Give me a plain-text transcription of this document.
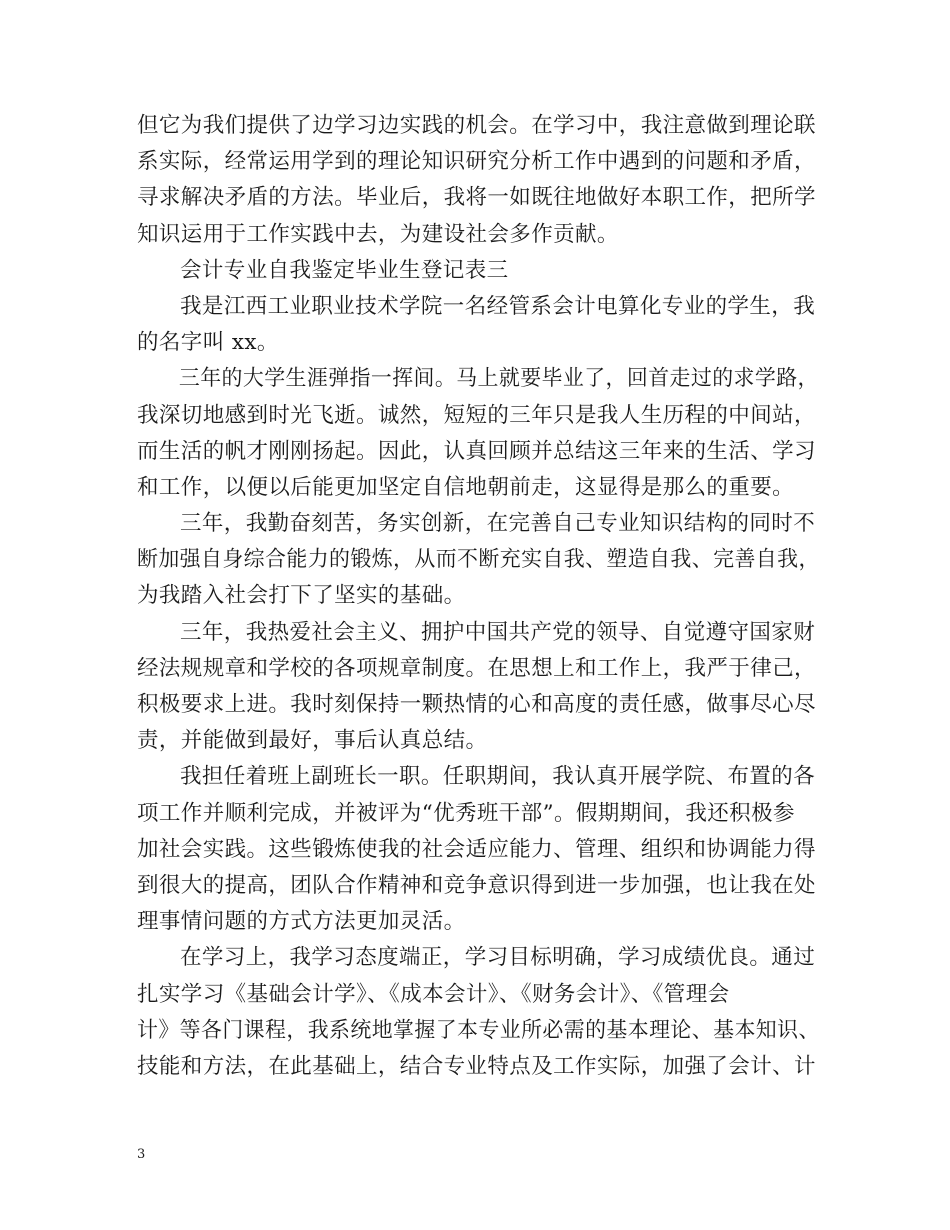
但它为我们提供了边学习边实践的机会。在学习中，我注意做到理论联
系实际，经常运用学到的理论知识研究分析工作中遇到的问题和矛盾，
寻求解决矛盾的方法。毕业后，我将一如既往地做好本职工作，把所学
知识运用于工作实践中去，为建设社会多作贡献。
会计专业自我鉴定毕业生登记表三
我是江西工业职业技术学院一名经管系会计电算化专业的学生，我
的名字叫 xx。
三年的大学生涯弹指一挥间。马上就要毕业了，回首走过的求学路，
我深切地感到时光飞逝。诚然，短短的三年只是我人生历程的中间站，
而生活的帆才刚刚扬起。因此，认真回顾并总结这三年来的生活、学习
和工作，以便以后能更加坚定自信地朝前走，这显得是那么的重要。
三年，我勤奋刻苦，务实创新，在完善自己专业知识结构的同时不
断加强自身综合能力的锻炼，从而不断充实自我、塑造自我、完善自我，
为我踏入社会打下了坚实的基础。
三年，我热爱社会主义、拥护中国共产党的领导、自觉遵守国家财
经法规规章和学校的各项规章制度。在思想上和工作上，我严于律己，
积极要求上进。我时刻保持一颗热情的心和高度的责任感，做事尽心尽
责，并能做到最好，事后认真总结。
我担任着班上副班长一职。任职期间，我认真开展学院、布置的各
项工作并顺利完成，并被评为“优秀班干部”。假期期间，我还积极参
加社会实践。这些锻炼使我的社会适应能力、管理、组织和协调能力得
到很大的提高，团队合作精神和竞争意识得到进一步加强，也让我在处
理事情问题的方式方法更加灵活。
在学习上，我学习态度端正，学习目标明确，学习成绩优良。通过
扎实学习《基础会计学》、《成本会计》、《财务会计》、《管理会
计》等各门课程，我系统地掌握了本专业所必需的基本理论、基本知识、
技能和方法，在此基础上，结合专业特点及工作实际，加强了会计、计
3
